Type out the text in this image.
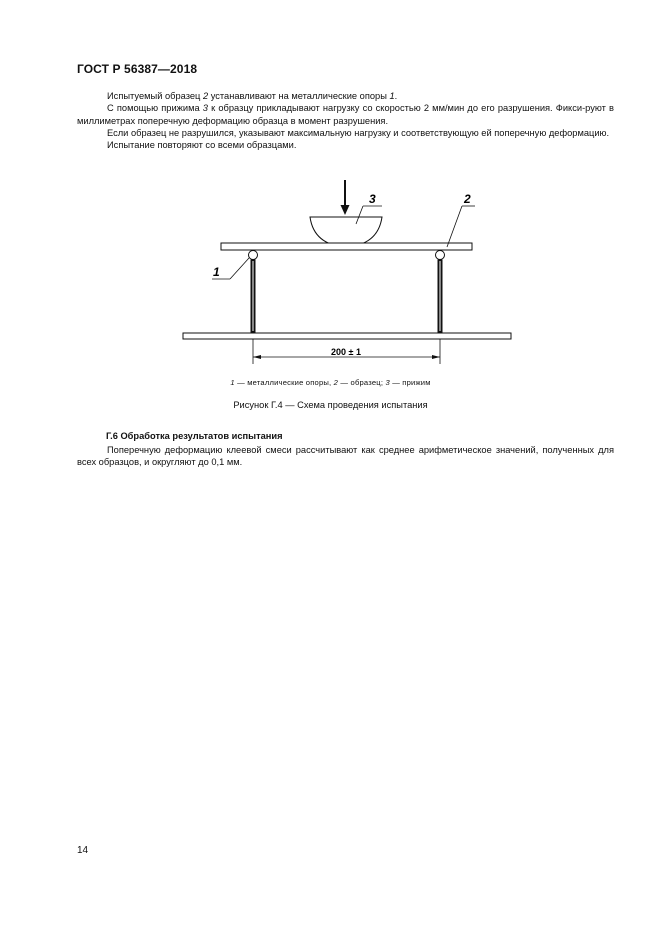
ГОСТ Р 56387—2018

Испытуемый образец 2 устанавливают на металлические опоры 1.

С помощью прижима 3 к образцу прикладывают нагрузку со скоростью 2 мм/мин до его разрушения. Фикси-руют в миллиметрах поперечную деформацию образца в момент разрушения.

Если образец не разрушился, указывают максимальную нагрузку и соответствующую ей поперечную деформацию.

Испытание повторяют со всеми образцами.

200 ± 1
3	2
1
1 — металлические опоры, 2 — образец; 3 — прижим
Рисунок Г.4 — Схема проведения испытания
Г.6 Обработка результатов испытания

Поперечную деформацию клеевой смеси рассчитывают как среднее арифметическое значений, полученных для всех образцов, и округляют до 0,1 мм.

14
